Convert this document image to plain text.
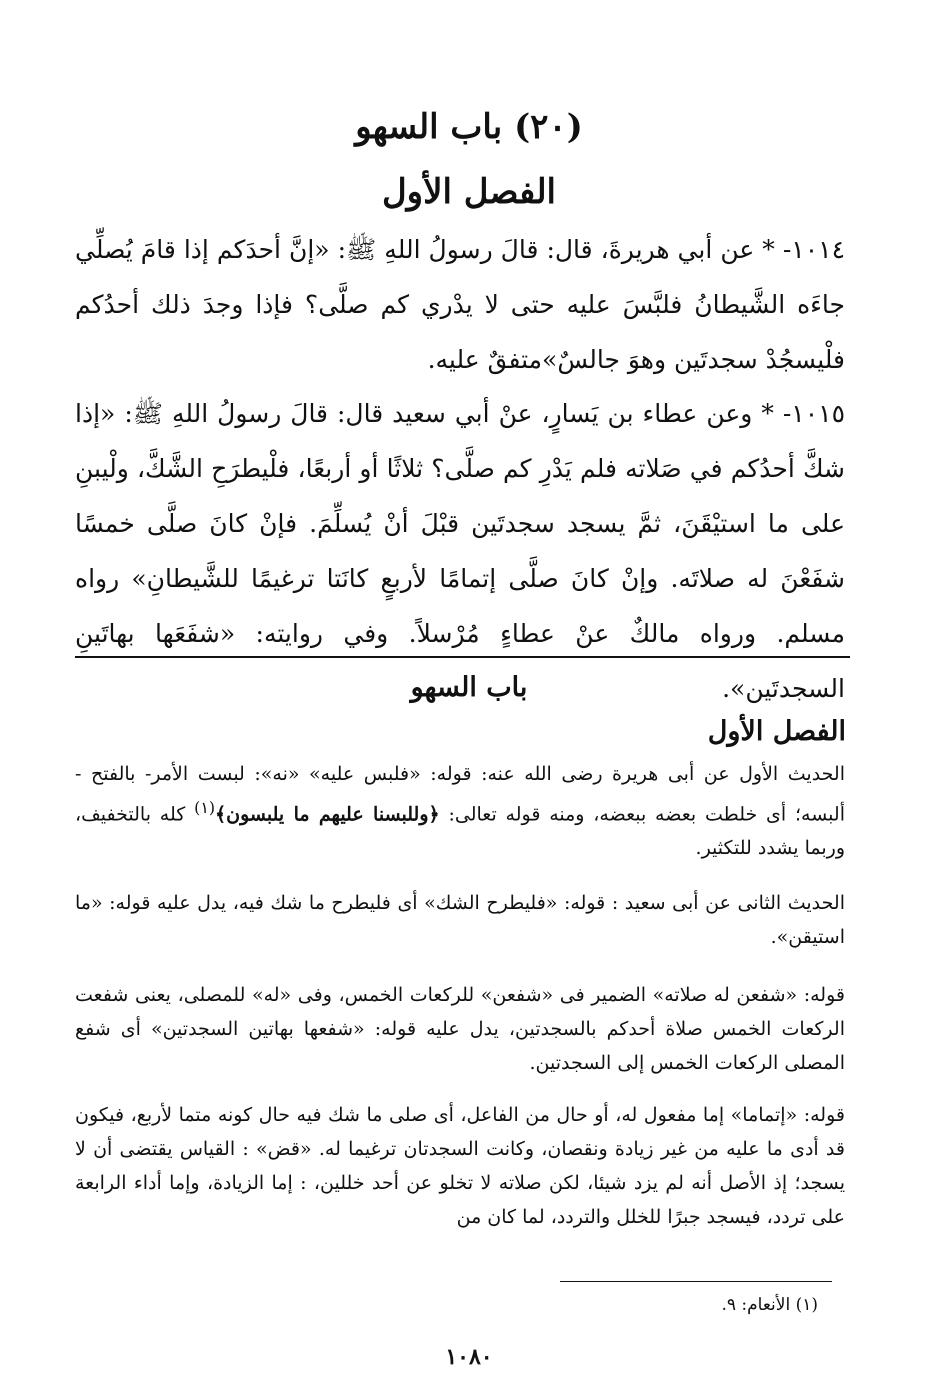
(٢٠) باب السهو
الفصل الأول

١٠١٤- * عن أبي هريرةَ، قال: قالَ رسولُ اللهِ ﷺ: «إنَّ أحدَكم إذا قامَ يُصلِّي جاءَه الشَّيطانُ فلبَّسَ عليه حتى لا يدْري كم صلَّى؟ فإذا وجدَ ذلك أحدُكم فلْيسجُدْ سجدتَين وهوَ جالسٌ»متفقٌ عليه.

١٠١٥- * وعن عطاء بن يَسارٍ، عنْ أبي سعيد قال: قالَ رسولُ اللهِ ﷺ: «إذا شكَّ أحدُكم في صَلاته فلم يَدْرِ كم صلَّى؟ ثلاثًا أو أربعًا، فلْيطرَحِ الشَّكَّ، ولْيبنِ على ما استيْقَنَ، ثمَّ يسجد سجدتَين قبْلَ أنْ يُسلِّمَ. فإنْ كانَ صلَّى خمسًا شفَعْنَ له صلاتَه. وإنْ كانَ صلَّى إتمامًا لأربعٍ كانَتا ترغيمًا للشَّيطانِ» رواه مسلم. ورواه مالكٌ عنْ عطاءٍ مُرْسلاً. وفي روايته: «شفَعَها بهاتَينِ السجدتَين».

باب السهو
الفصل الأول

الحديث الأول عن أبى هريرة رضى الله عنه: قوله: «فلبس عليه» «نه»: لبست الأمر- بالفتح - ألبسه؛ أى خلطت بعضه ببعضه، ومنه قوله تعالى: ﴿وللبسنا عليهم ما يلبسون﴾$^{(١)}$ كله بالتخفيف، وربما يشدد للتكثير.

الحديث الثانى عن أبى سعيد : قوله: «فليطرح الشك» أى فليطرح ما شك فيه، يدل عليه قوله: «ما استيقن».

قوله: «شفعن له صلاته» الضمير فى «شفعن» للركعات الخمس، وفى «له» للمصلى، يعنى شفعت الركعات الخمس صلاة أحدكم بالسجدتين، يدل عليه قوله: «شفعها بهاتين السجدتين» أى شفع المصلى الركعات الخمس إلى السجدتين.

قوله: «إتماما» إما مفعول له، أو حال من الفاعل، أى صلى ما شك فيه حال كونه متما لأربع، فيكون قد أدى ما عليه من غير زيادة ونقصان، وكانت السجدتان ترغيما له. «قض» : القياس يقتضى أن لا يسجد؛ إذ الأصل أنه لم يزد شيئا، لكن صلاته لا تخلو عن أحد خللين، : إما الزيادة، وإما أداء الرابعة على تردد، فيسجد جبرًا للخلل والتردد، لما كان من

(١) الأنعام: ٩.
١٠٨٠
